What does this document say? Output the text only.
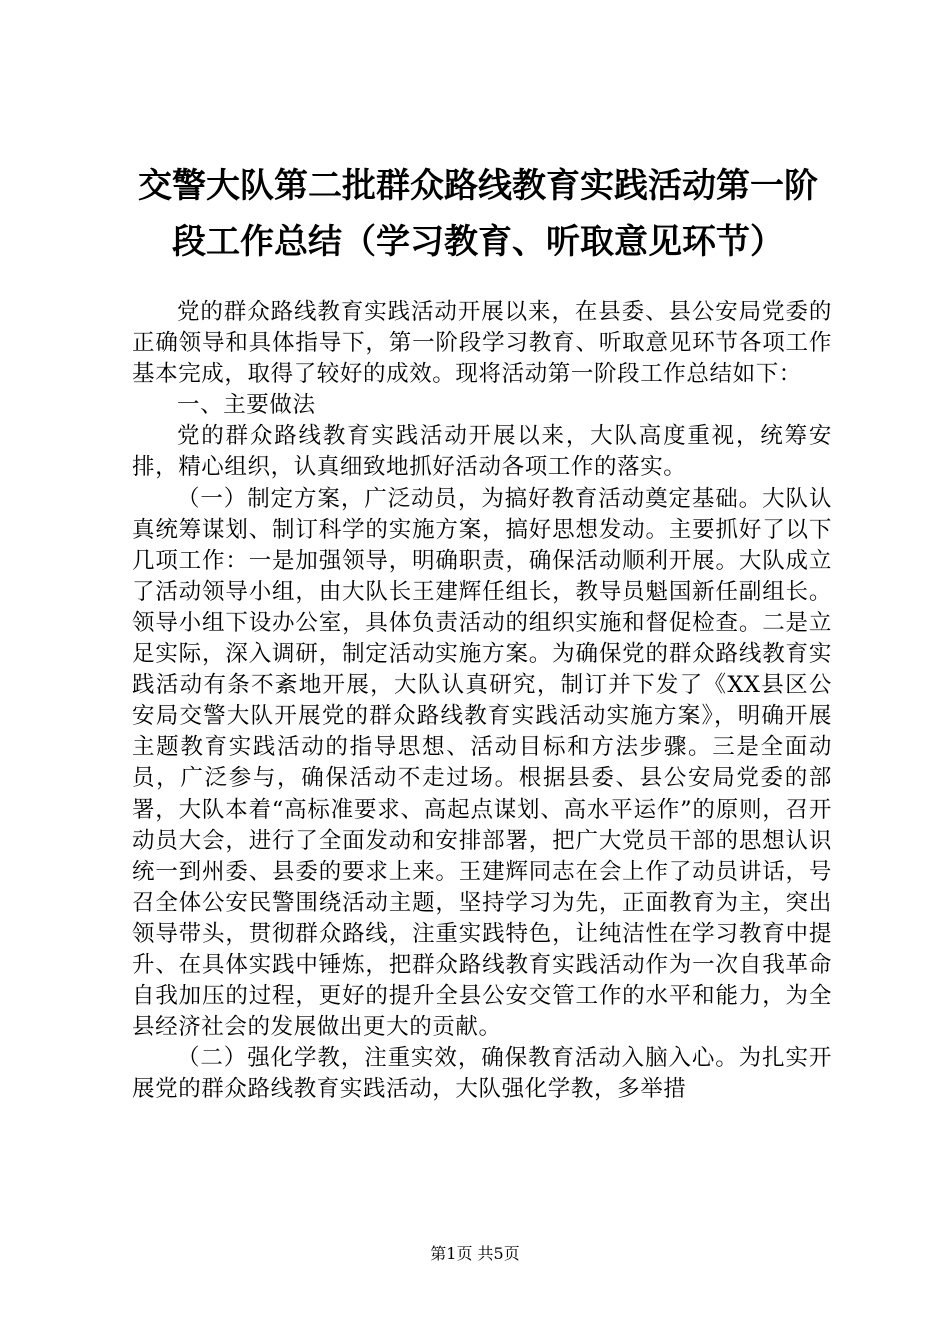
交警大队第二批群众路线教育实践活动第一阶
段工作总结（学习教育、听取意见环节）

党的群众路线教育实践活动开展以来，在县委、县公安局党委的正确领导和具体指导下，第一阶段学习教育、听取意见环节各项工作基本完成，取得了较好的成效。现将活动第一阶段工作总结如下：

一、主要做法

党的群众路线教育实践活动开展以来，大队高度重视，统筹安排，精心组织，认真细致地抓好活动各项工作的落实。

（一）制定方案，广泛动员，为搞好教育活动奠定基础。大队认真统筹谋划、制订科学的实施方案，搞好思想发动。主要抓好了以下几项工作：一是加强领导，明确职责，确保活动顺利开展。大队成立了活动领导小组，由大队长王建辉任组长，教导员魁国新任副组长。领导小组下设办公室，具体负责活动的组织实施和督促检查。二是立足实际，深入调研，制定活动实施方案。为确保党的群众路线教育实践活动有条不紊地开展，大队认真研究，制订并下发了《XX县区公安局交警大队开展党的群众路线教育实践活动实施方案》，明确开展主题教育实践活动的指导思想、活动目标和方法步骤。三是全面动员，广泛参与，确保活动不走过场。根据县委、县公安局党委的部署，大队本着“高标准要求、高起点谋划、高水平运作”的原则，召开动员大会，进行了全面发动和安排部署，把广大党员干部的思想认识统一到州委、县委的要求上来。王建辉同志在会上作了动员讲话，号召全体公安民警围绕活动主题，坚持学习为先，正面教育为主，突出领导带头，贯彻群众路线，注重实践特色，让纯洁性在学习教育中提升、在具体实践中锤炼，把群众路线教育实践活动作为一次自我革命自我加压的过程，更好的提升全县公安交管工作的水平和能力，为全县经济社会的发展做出更大的贡献。

（二）强化学教，注重实效，确保教育活动入脑入心。为扎实开展党的群众路线教育实践活动，大队强化学教，多举措

第1页 共5页
